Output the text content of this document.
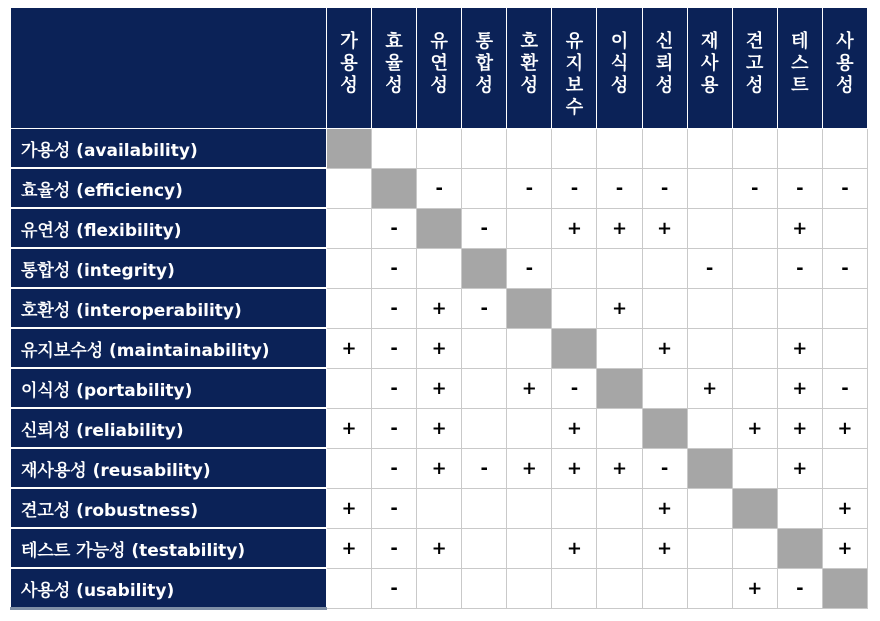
	가용성	효율성	유연성	통합성	호환성	유지보수	이식성	신뢰성	재사용	견고성	테스트	사용성

가용성 (availability)												
효율성 (efficiency)			-		-	-	-	-		-	-	-
유연성 (flexibility)		-		-		+	+	+			+	
통합성 (integrity)		-			-				-		-	-
호환성 (interoperability)		-	+	-			+					
유지보수성 (maintainability)	+	-	+					+			+	
이식성 (portability)		-	+		+	-			+		+	-
신뢰성 (reliability)	+	-	+			+				+	+	+
재사용성 (reusability)		-	+	-	+	+	+	-			+	
견고성 (robustness)	+	-						+				+
테스트 가능성 (testability)	+	-	+			+		+				+
사용성 (usability)		-								+	-	
